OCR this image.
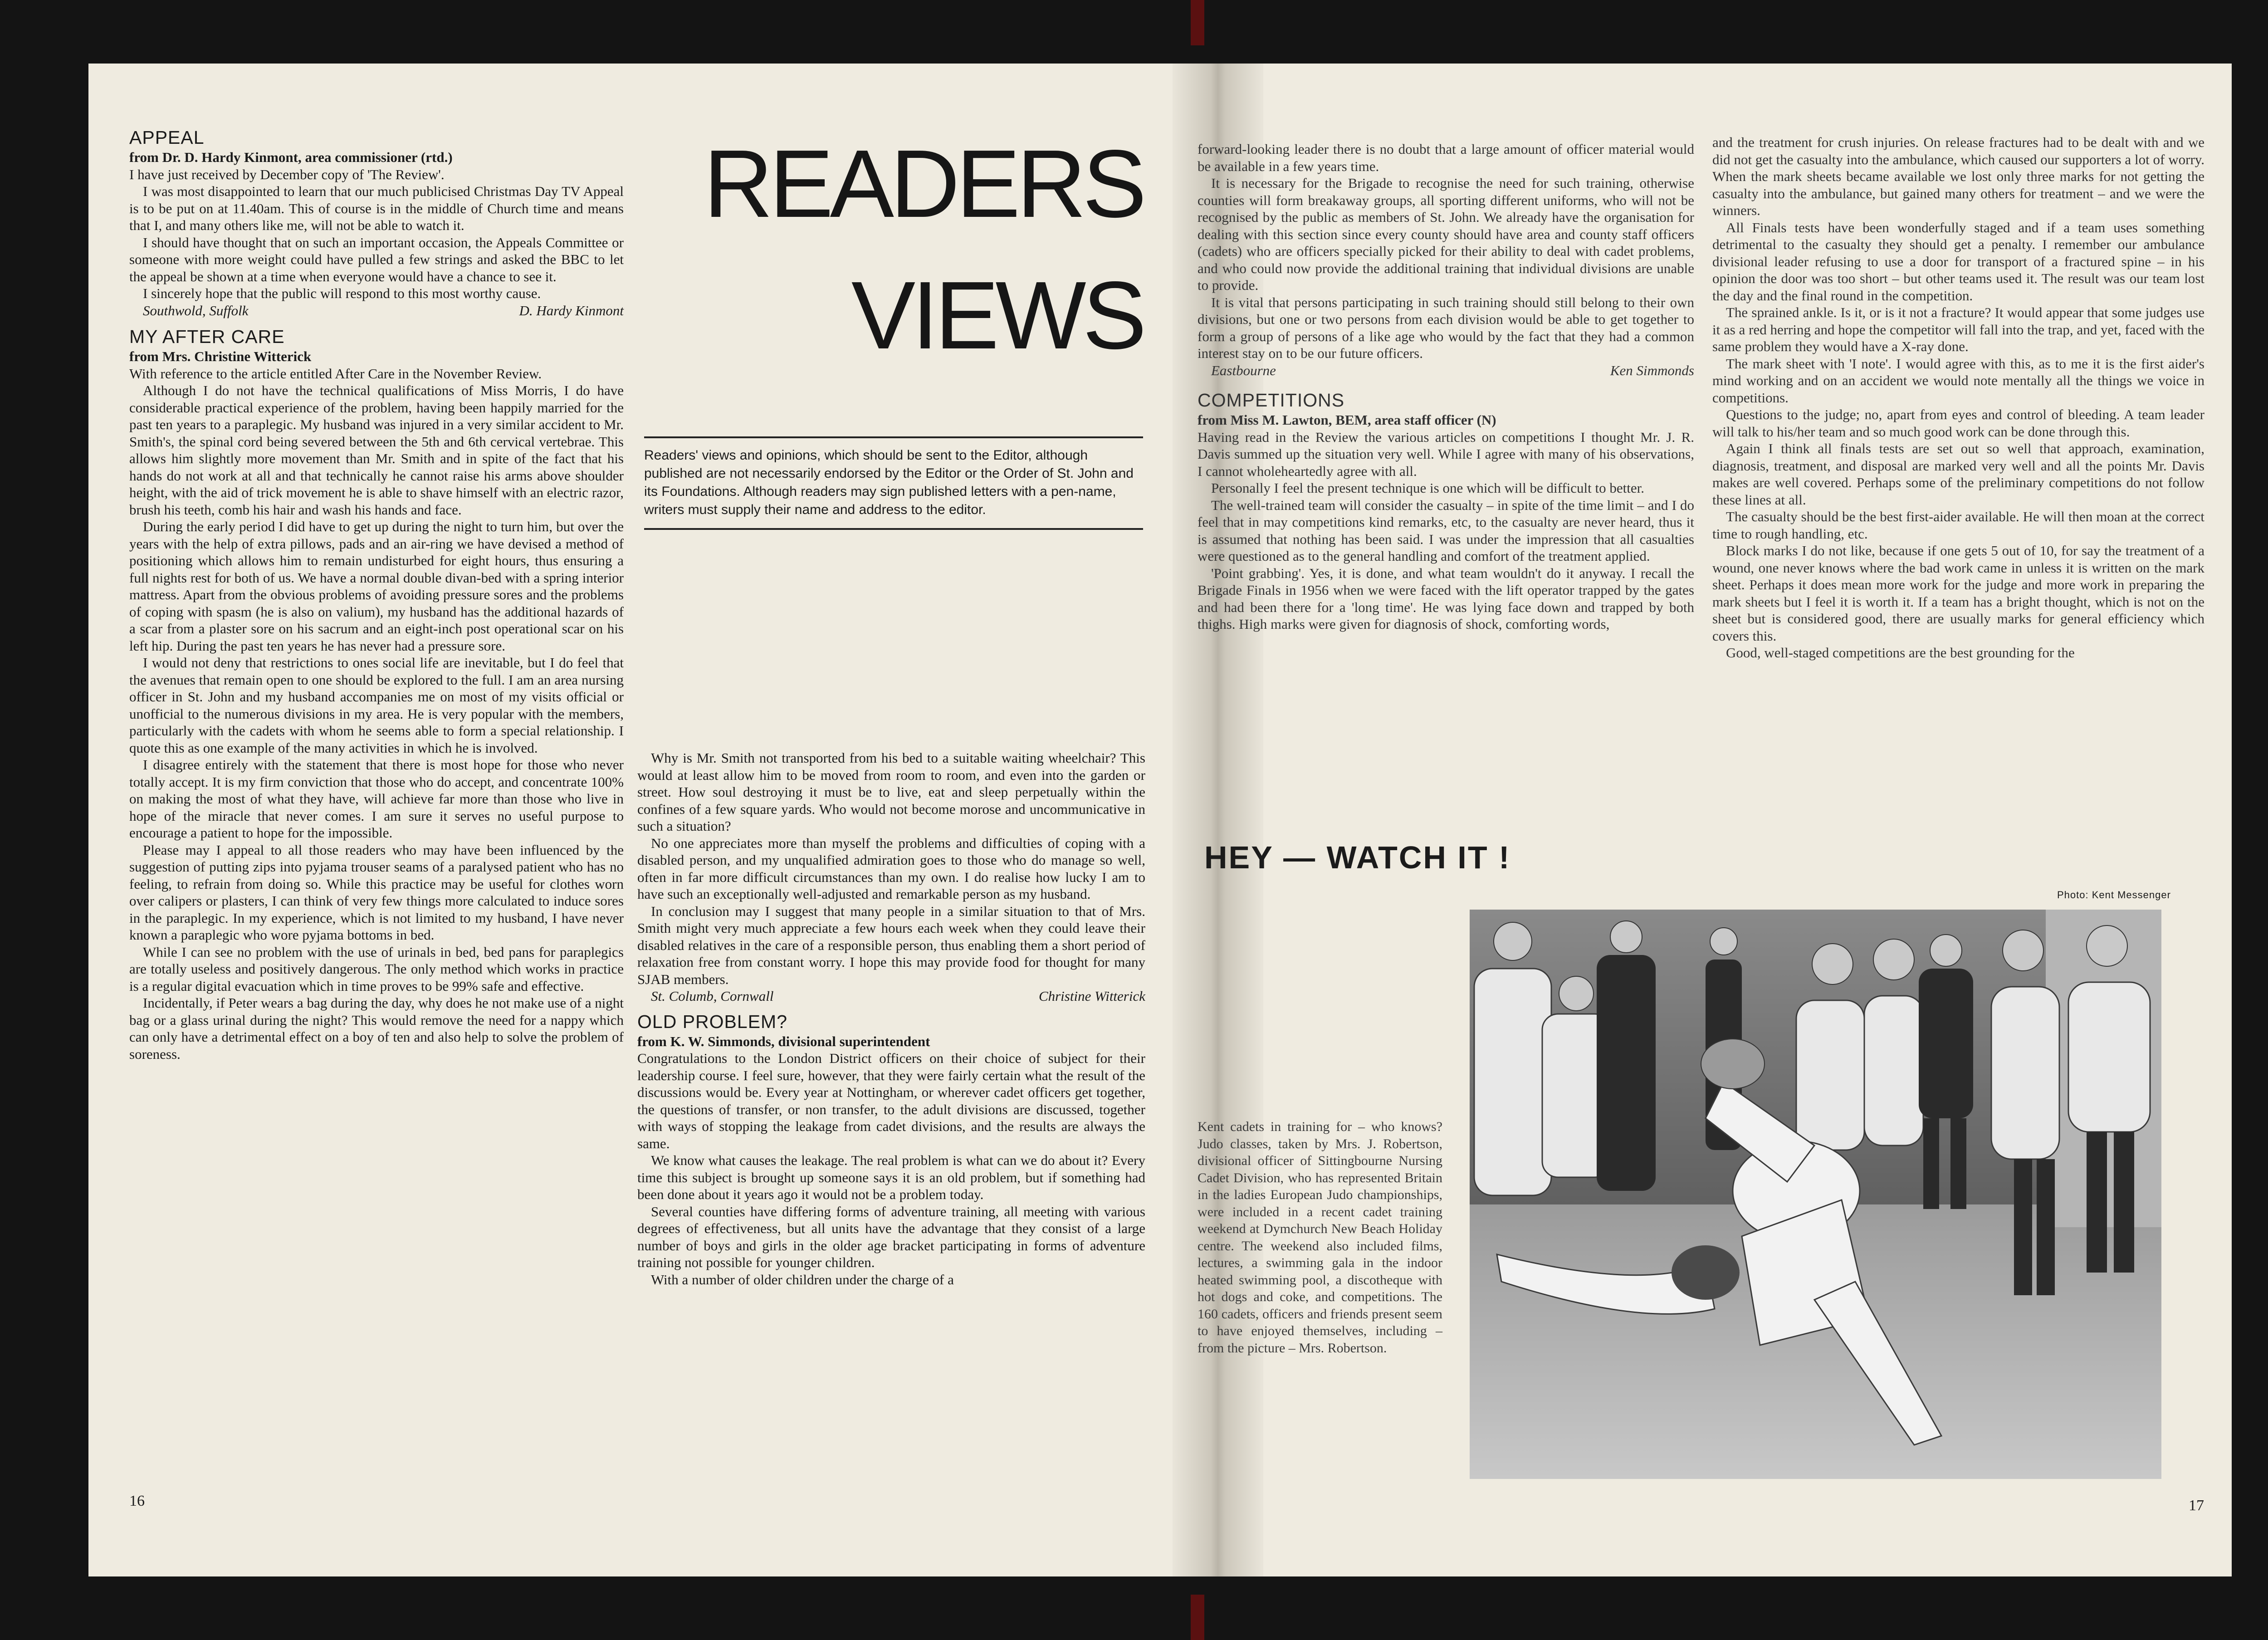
APPEAL

from Dr. D. Hardy Kinmont, area commissioner (rtd.)

I have just received by December copy of 'The Review'.

I was most disappointed to learn that our much publicised Christmas Day TV Appeal is to be put on at 11.40am. This of course is in the middle of Church time and means that I, and many others like me, will not be able to watch it.

I should have thought that on such an important occasion, the Appeals Committee or someone with more weight could have pulled a few strings and asked the BBC to let the appeal be shown at a time when everyone would have a chance to see it.

I sincerely hope that the public will respond to this most worthy cause.

Southwold, Suffolk	D. Hardy Kinmont

MY AFTER CARE

from Mrs. Christine Witterick

With reference to the article entitled After Care in the November Review.

Although I do not have the technical qualifications of Miss Morris, I do have considerable practical experience of the problem, having been happily married for the past ten years to a paraplegic. My husband was injured in a very similar accident to Mr. Smith's, the spinal cord being severed between the 5th and 6th cervical vertebrae. This allows him slightly more movement than Mr. Smith and in spite of the fact that his hands do not work at all and that technically he cannot raise his arms above shoulder height, with the aid of trick movement he is able to shave himself with an electric razor, brush his teeth, comb his hair and wash his hands and face.

During the early period I did have to get up during the night to turn him, but over the years with the help of extra pillows, pads and an air-ring we have devised a method of positioning which allows him to remain undisturbed for eight hours, thus ensuring a full nights rest for both of us. We have a normal double divan-bed with a spring interior mattress. Apart from the obvious problems of avoiding pressure sores and the problems of coping with spasm (he is also on valium), my husband has the additional hazards of a scar from a plaster sore on his sacrum and an eight-inch post operational scar on his left hip. During the past ten years he has never had a pressure sore.

I would not deny that restrictions to ones social life are inevitable, but I do feel that the avenues that remain open to one should be explored to the full. I am an area nursing officer in St. John and my husband accompanies me on most of my visits official or unofficial to the numerous divisions in my area. He is very popular with the members, particularly with the cadets with whom he seems able to form a special relationship. I quote this as one example of the many activities in which he is involved.

I disagree entirely with the statement that there is most hope for those who never totally accept. It is my firm conviction that those who do accept, and concentrate 100% on making the most of what they have, will achieve far more than those who live in hope of the miracle that never comes. I am sure it serves no useful purpose to encourage a patient to hope for the impossible.

Please may I appeal to all those readers who may have been influenced by the suggestion of putting zips into pyjama trouser seams of a paralysed patient who has no feeling, to refrain from doing so. While this practice may be useful for clothes worn over calipers or plasters, I can think of very few things more calculated to induce sores in the paraplegic. In my experience, which is not limited to my husband, I have never known a paraplegic who wore pyjama bottoms in bed.

While I can see no problem with the use of urinals in bed, bed pans for paraplegics are totally useless and positively dangerous. The only method which works in practice is a regular digital evacuation which in time proves to be 99% safe and effective.

Incidentally, if Peter wears a bag during the day, why does he not make use of a night bag or a glass urinal during the night? This would remove the need for a nappy which can only have a detrimental effect on a boy of ten and also help to solve the problem of soreness.

READERS
VIEWS
Readers' views and opinions, which should be sent to the Editor, although published are not necessarily endorsed by the Editor or the Order of St. John and its Foundations. Although readers may sign published letters with a pen-name, writers must supply their name and address to the editor.

Why is Mr. Smith not transported from his bed to a suitable waiting wheelchair? This would at least allow him to be moved from room to room, and even into the garden or street. How soul destroying it must be to live, eat and sleep perpetually within the confines of a few square yards. Who would not become morose and uncommunicative in such a situation?

No one appreciates more than myself the problems and difficulties of coping with a disabled person, and my unqualified admiration goes to those who do manage so well, often in far more difficult circumstances than my own. I do realise how lucky I am to have such an exceptionally well-adjusted and remarkable person as my husband.

In conclusion may I suggest that many people in a similar situation to that of Mrs. Smith might very much appreciate a few hours each week when they could leave their disabled relatives in the care of a responsible person, thus enabling them a short period of relaxation free from constant worry. I hope this may provide food for thought for many SJAB members.

St. Columb, Cornwall	Christine Witterick

OLD PROBLEM?

from K. W. Simmonds, divisional superintendent

Congratulations to the London District officers on their choice of subject for their leadership course. I feel sure, however, that they were fairly certain what the result of the discussions would be. Every year at Nottingham, or wherever cadet officers get together, the questions of transfer, or non transfer, to the adult divisions are discussed, together with ways of stopping the leakage from cadet divisions, and the results are always the same.

We know what causes the leakage. The real problem is what can we do about it? Every time this subject is brought up someone says it is an old problem, but if something had been done about it years ago it would not be a problem today.

Several counties have differing forms of adventure training, all meeting with various degrees of effectiveness, but all units have the advantage that they consist of a large number of boys and girls in the older age bracket participating in forms of adventure training not possible for younger children.

With a number of older children under the charge of a

16

forward-looking leader there is no doubt that a large amount of officer material would be available in a few years time.

It is necessary for the Brigade to recognise the need for such training, otherwise counties will form breakaway groups, all sporting different uniforms, who will not be recognised by the public as members of St. John. We already have the organisation for dealing with this section since every county should have area and county staff officers (cadets) who are officers specially picked for their ability to deal with cadet problems, and who could now provide the additional training that individual divisions are unable to provide.

It is vital that persons participating in such training should still belong to their own divisions, but one or two persons from each division would be able to get together to form a group of persons of a like age who would by the fact that they had a common interest stay on to be our future officers.

Eastbourne	Ken Simmonds

COMPETITIONS

from Miss M. Lawton, BEM, area staff officer (N)

Having read in the Review the various articles on competitions I thought Mr. J. R. Davis summed up the situation very well. While I agree with many of his observations, I cannot wholeheartedly agree with all.

Personally I feel the present technique is one which will be difficult to better.

The well-trained team will consider the casualty – in spite of the time limit – and I do feel that in may competitions kind remarks, etc, to the casualty are never heard, thus it is assumed that nothing has been said. I was under the impression that all casualties were questioned as to the general handling and comfort of the treatment applied.

'Point grabbing'. Yes, it is done, and what team wouldn't do it anyway. I recall the Brigade Finals in 1956 when we were faced with the lift operator trapped by the gates and had been there for a 'long time'. He was lying face down and trapped by both thighs. High marks were given for diagnosis of shock, comforting words,

and the treatment for crush injuries. On release fractures had to be dealt with and we did not get the casualty into the ambulance, which caused our supporters a lot of worry. When the mark sheets became available we lost only three marks for not getting the casualty into the ambulance, but gained many others for treatment – and we were the winners.

All Finals tests have been wonderfully staged and if a team uses something detrimental to the casualty they should get a penalty. I remember our ambulance divisional leader refusing to use a door for transport of a fractured spine – in his opinion the door was too short – but other teams used it. The result was our team lost the day and the final round in the competition.

The sprained ankle. Is it, or is it not a fracture? It would appear that some judges use it as a red herring and hope the competitor will fall into the trap, and yet, faced with the same problem they would have a X-ray done.

The mark sheet with 'I note'. I would agree with this, as to me it is the first aider's mind working and on an accident we would note mentally all the things we voice in competitions.

Questions to the judge; no, apart from eyes and control of bleeding. A team leader will talk to his/her team and so much good work can be done through this.

Again I think all finals tests are set out so well that approach, examination, diagnosis, treatment, and disposal are marked very well and all the points Mr. Davis makes are well covered. Perhaps some of the preliminary competitions do not follow these lines at all.

The casualty should be the best first-aider available. He will then moan at the correct time to rough handling, etc.

Block marks I do not like, because if one gets 5 out of 10, for say the treatment of a wound, one never knows where the bad work came in unless it is written on the mark sheet. Perhaps it does mean more work for the judge and more work in preparing the mark sheets but I feel it is worth it. If a team has a bright thought, which is not on the sheet but is considered good, there are usually marks for general efficiency which covers this.

Good, well-staged competitions are the best grounding for the

HEY — WATCH IT !
Photo: Kent Messenger
Kent cadets in training for – who knows? Judo classes, taken by Mrs. J. Robertson, divisional officer of Sittingbourne Nursing Cadet Division, who has represented Britain in the ladies European Judo championships, were included in a recent cadet training weekend at Dymchurch New Beach Holiday centre. The weekend also included films, lectures, a swimming gala in the indoor heated swimming pool, a discotheque with hot dogs and coke, and competitions. The 160 cadets, officers and friends present seem to have enjoyed themselves, including – from the picture – Mrs. Robertson.
17
